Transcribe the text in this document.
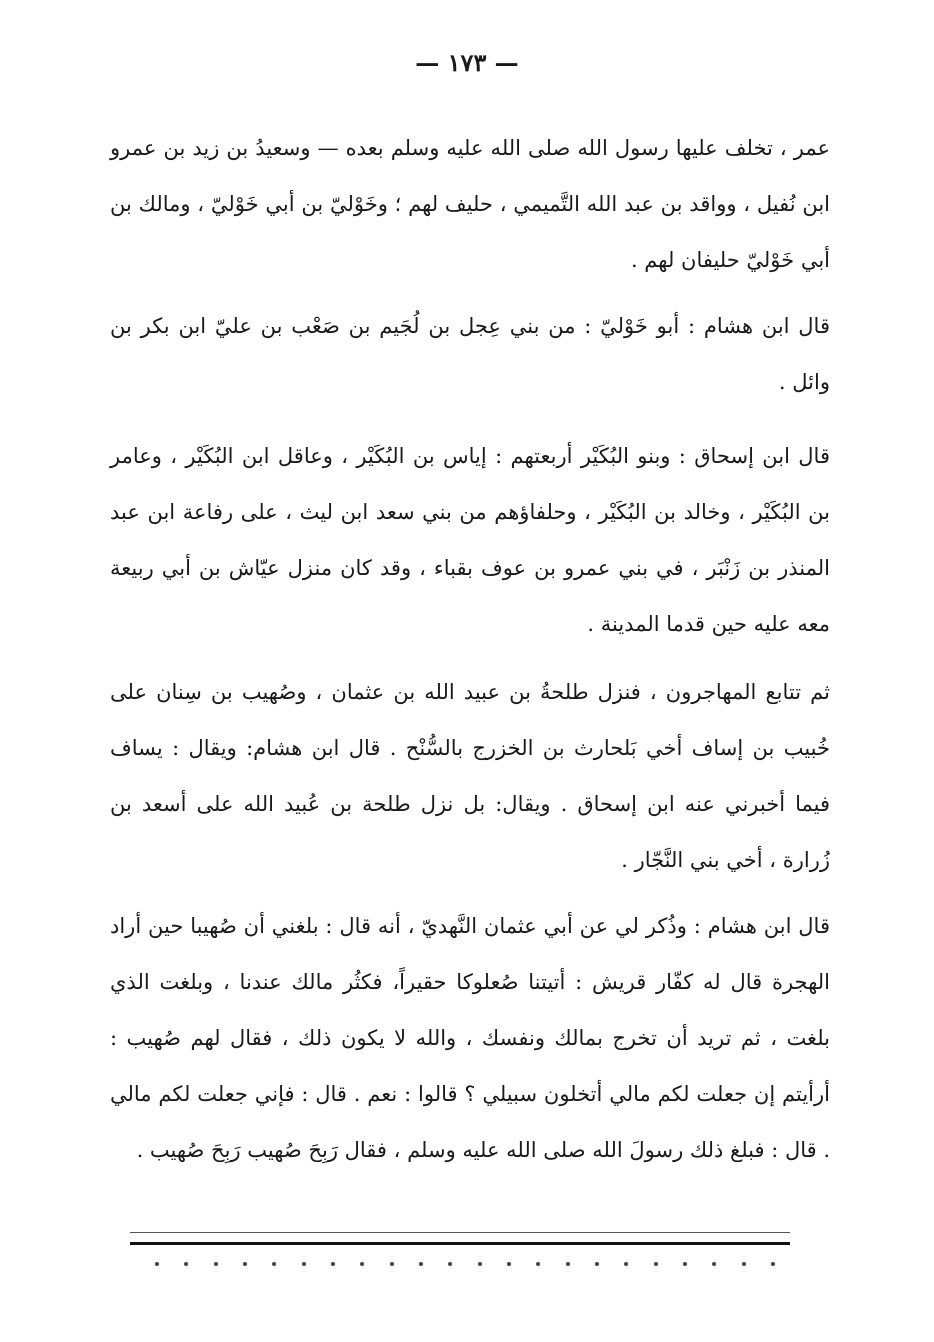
— ١٧٣ —

عمر ، تخلف عليها رسول الله صلى الله عليه وسلم بعده — وسعيدُ بن زيد بن عمرو ابن نُفيل ، وواقد بن عبد الله التَّميمي ، حليف لهم ؛ وخَوْليّ بن أبي خَوْليّ ، ومالك بن أبي خَوْليّ حليفان لهم .

قال ابن هشام : أبو خَوْليّ : من بني عِجل بن لُجَيم بن صَعْب بن عليّ ابن بكر بن وائل .

قال ابن إسحاق : وبنو البُكَيْر أربعتهم : إياس بن البُكَيْر ، وعاقل ابن البُكَيْر ، وعامر بن البُكَيْر ، وخالد بن البُكَيْر ، وحلفاؤهم من بني سعد ابن ليث ، على رفاعة ابن عبد المنذر بن زَنْبَر ، في بني عمرو بن عوف بقباء ، وقد كان منزل عيّاش بن أبي ربيعة معه عليه حين قدما المدينة .

ثم تتابع المهاجرون ، فنزل طلحةُ بن عبيد الله بن عثمان ، وصُهيب بن سِنان على خُبيب بن إساف أخي بَلحارث بن الخزرج بالسُّنْح . قال ابن هشام: ويقال : يساف فيما أخبرني عنه ابن إسحاق . ويقال: بل نزل طلحة بن عُبيد الله على أسعد بن زُرارة ، أخي بني النَّجّار .

قال ابن هشام : وذُكر لي عن أبي عثمان النَّهديّ ، أنه قال : بلغني أن صُهيبا حين أراد الهجرة قال له كفّار قريش : أتيتنا صُعلوكا حقيراً، فكثُر مالك عندنا ، وبلغت الذي بلغت ، ثم تريد أن تخرج بمالك ونفسك ، والله لا يكون ذلك ، فقال لهم صُهيب : أرأيتم إن جعلت لكم مالي أتخلون سبيلي ؟ قالوا : نعم . قال : فإني جعلت لكم مالي . قال : فبلغ ذلك رسولَ الله صلى الله عليه وسلم ، فقال رَبِحَ صُهيب رَبِحَ صُهيب .
